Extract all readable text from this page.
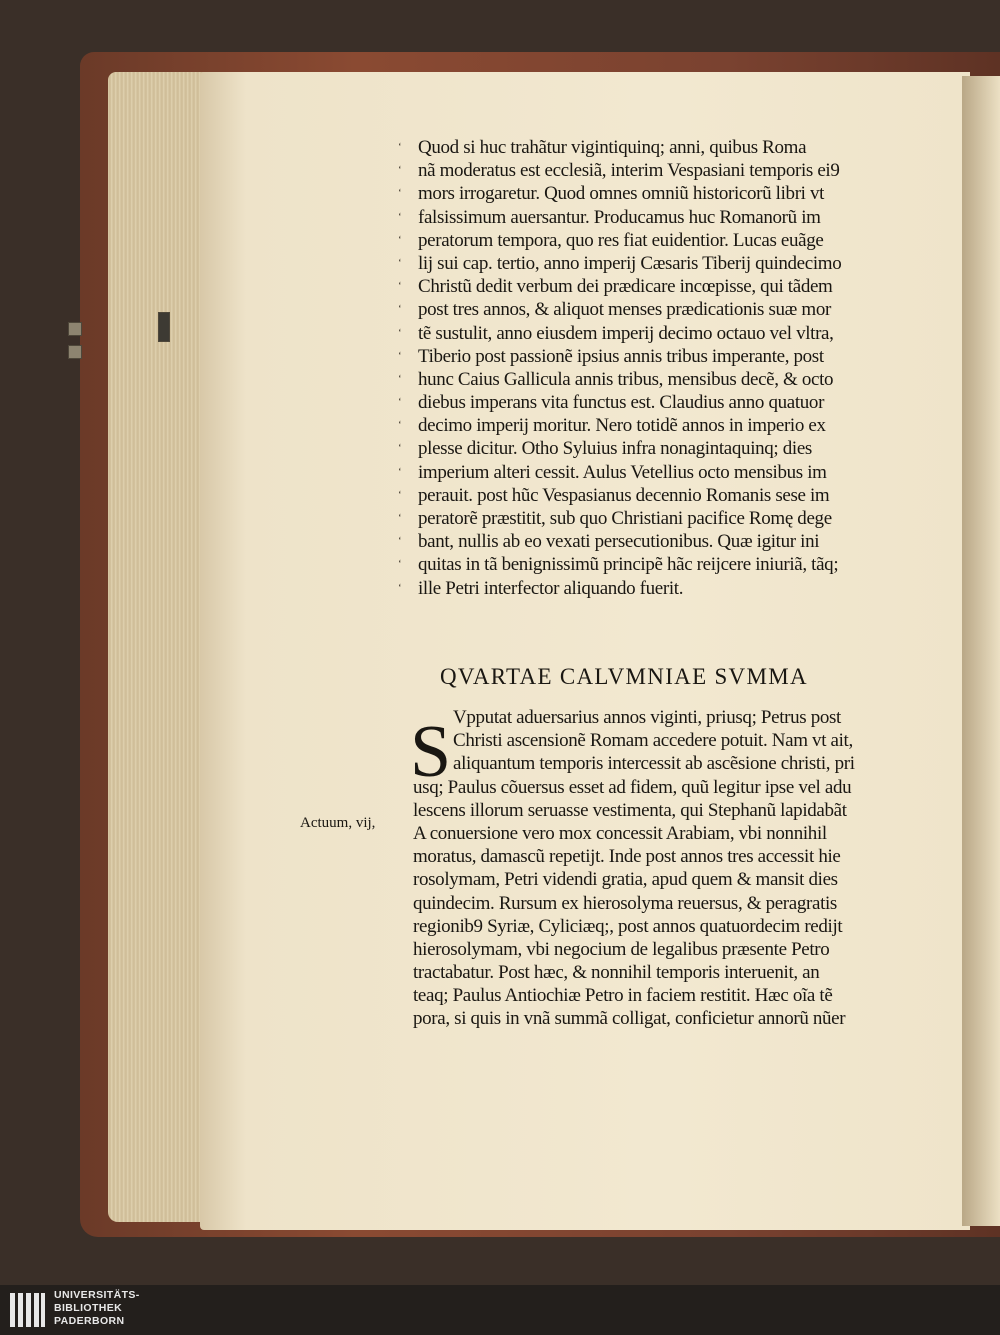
‘ Quod si huc trahãtur vigintiquinq; anni, quibus Roma
‘ nã moderatus est ecclesiã, interim Vespasiani temporis ei9
‘ mors irrogaretur. Quod omnes omniũ historicorũ libri vt
‘ falsissimum auersantur. Producamus huc Romanorũ im
‘ peratorum tempora, quo res fiat euidentior. Lucas euãge
‘ lij sui cap. tertio, anno imperij Cæsaris Tiberij quindecimo
‘ Christũ dedit verbum dei prædicare incœpisse, qui tãdem
‘ post tres annos, & aliquot menses prædicationis suæ mor
‘ tẽ sustulit, anno eiusdem imperij decimo octauo vel vltra,
‘ Tiberio post passionẽ ipsius annis tribus imperante, post
‘ hunc Caius Gallicula annis tribus, mensibus decẽ, & octo
‘ diebus imperans vita functus est. Claudius anno quatuor
‘ decimo imperij moritur. Nero totidẽ annos in imperio ex
‘ plesse dicitur. Otho Syluius infra nonagintaquinq; dies
‘ imperium alteri cessit. Aulus Vetellius octo mensibus im
‘ perauit. post hũc Vespasianus decennio Romanis sese im
‘ peratorẽ præstitit, sub quo Christiani pacifice Romę dege
‘ bant, nullis ab eo vexati persecutionibus. Quæ igitur ini
‘ quitas in tã benignissimũ principẽ hãc reijcere iniuriã, tãq;
‘ ille Petri interfector aliquando fuerit.
QVARTAE CALVMNIAE SVMMA
S Vpputat aduersarius annos viginti, priusq; Petrus post
Christi ascensionẽ Romam accedere potuit. Nam vt ait,
aliquantum temporis intercessit ab ascẽsione christi, pri
usq; Paulus cõuersus esset ad fidem, quũ legitur ipse vel adu
lescens illorum seruasse vestimenta, qui Stephanũ lapidabãt
A conuersione vero mox concessit Arabiam, vbi nonnihil
moratus, damascũ repetijt. Inde post annos tres accessit hie
rosolymam, Petri videndi gratia, apud quem & mansit dies
quindecim. Rursum ex hierosolyma reuersus, & peragratis
regionib9 Syriæ, Cyliciæq;, post annos quatuordecim redijt
hierosolymam, vbi negocium de legalibus præsente Petro
tractabatur. Post hæc, & nonnihil temporis interuenit, an
teaq; Paulus Antiochiæ Petro in faciem restitit. Hæc oĩa tẽ
pora, si quis in vnã summã colligat, conficietur annorũ nũer
Actuum, vij,
UNIVERSITÄTS-
BIBLIOTHEK
PADERBORN
